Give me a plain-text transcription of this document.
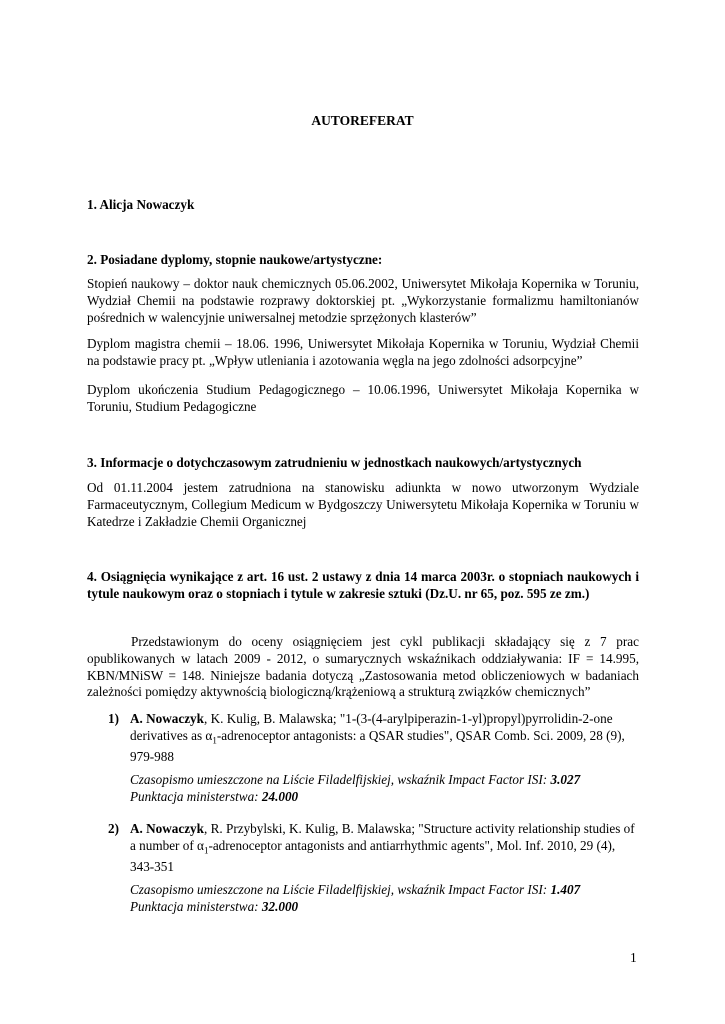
AUTOREFERAT
1. Alicja Nowaczyk
2. Posiadane dyplomy, stopnie naukowe/artystyczne:
Stopień naukowy – doktor nauk chemicznych 05.06.2002, Uniwersytet Mikołaja Kopernika w Toruniu, Wydział Chemii na podstawie rozprawy doktorskiej pt. „Wykorzystanie formalizmu hamiltonianów pośrednich w walencyjnie uniwersalnej metodzie sprzężonych klasterów”
Dyplom magistra chemii – 18.06. 1996, Uniwersytet Mikołaja Kopernika w Toruniu, Wydział Chemii na podstawie pracy pt. „Wpływ utleniania i azotowania węgla na jego zdolności adsorpcyjne”
Dyplom ukończenia Studium Pedagogicznego – 10.06.1996, Uniwersytet Mikołaja Kopernika w Toruniu, Studium Pedagogiczne
3. Informacje o dotychczasowym zatrudnieniu w jednostkach naukowych/artystycznych
Od 01.11.2004 jestem zatrudniona na stanowisku adiunkta w nowo utworzonym Wydziale Farmaceutycznym, Collegium Medicum w Bydgoszczy Uniwersytetu Mikołaja Kopernika w Toruniu w Katedrze i Zakładzie Chemii Organicznej
4. Osiągnięcia wynikające z art. 16 ust. 2 ustawy z dnia 14 marca 2003r. o stopniach naukowych i tytule naukowym oraz o stopniach i tytule w zakresie sztuki (Dz.U. nr 65, poz. 595 ze zm.)
Przedstawionym do oceny osiągnięciem jest cykl publikacji składający się z 7 prac opublikowanych w latach 2009 - 2012, o sumarycznych wskaźnikach oddziaływania: IF = 14.995, KBN/MNiSW = 148. Niniejsze badania dotyczą „Zastosowania metod obliczeniowych w badaniach zależności pomiędzy aktywnością biologiczną/krążeniową a strukturą związków chemicznych”
1) A. Nowaczyk, K. Kulig, B. Malawska; "1-(3-(4-arylpiperazin-1-yl)propyl)pyrrolidin-2-one derivatives as $\alpha_1$-adrenoceptor antagonists: a QSAR studies", QSAR Comb. Sci. 2009, 28 (9), 979-988
Czasopismo umieszczone na Liście Filadelfijskiej, wskaźnik Impact Factor ISI: 3.027
Punktacja ministerstwa: 24.000
2) A. Nowaczyk, R. Przybylski, K. Kulig, B. Malawska; "Structure activity relationship studies of a number of $\alpha_1$-adrenoceptor antagonists and antiarrhythmic agents", Mol. Inf. 2010, 29 (4), 343-351
Czasopismo umieszczone na Liście Filadelfijskiej, wskaźnik Impact Factor ISI: 1.407
Punktacja ministerstwa: 32.000
1
